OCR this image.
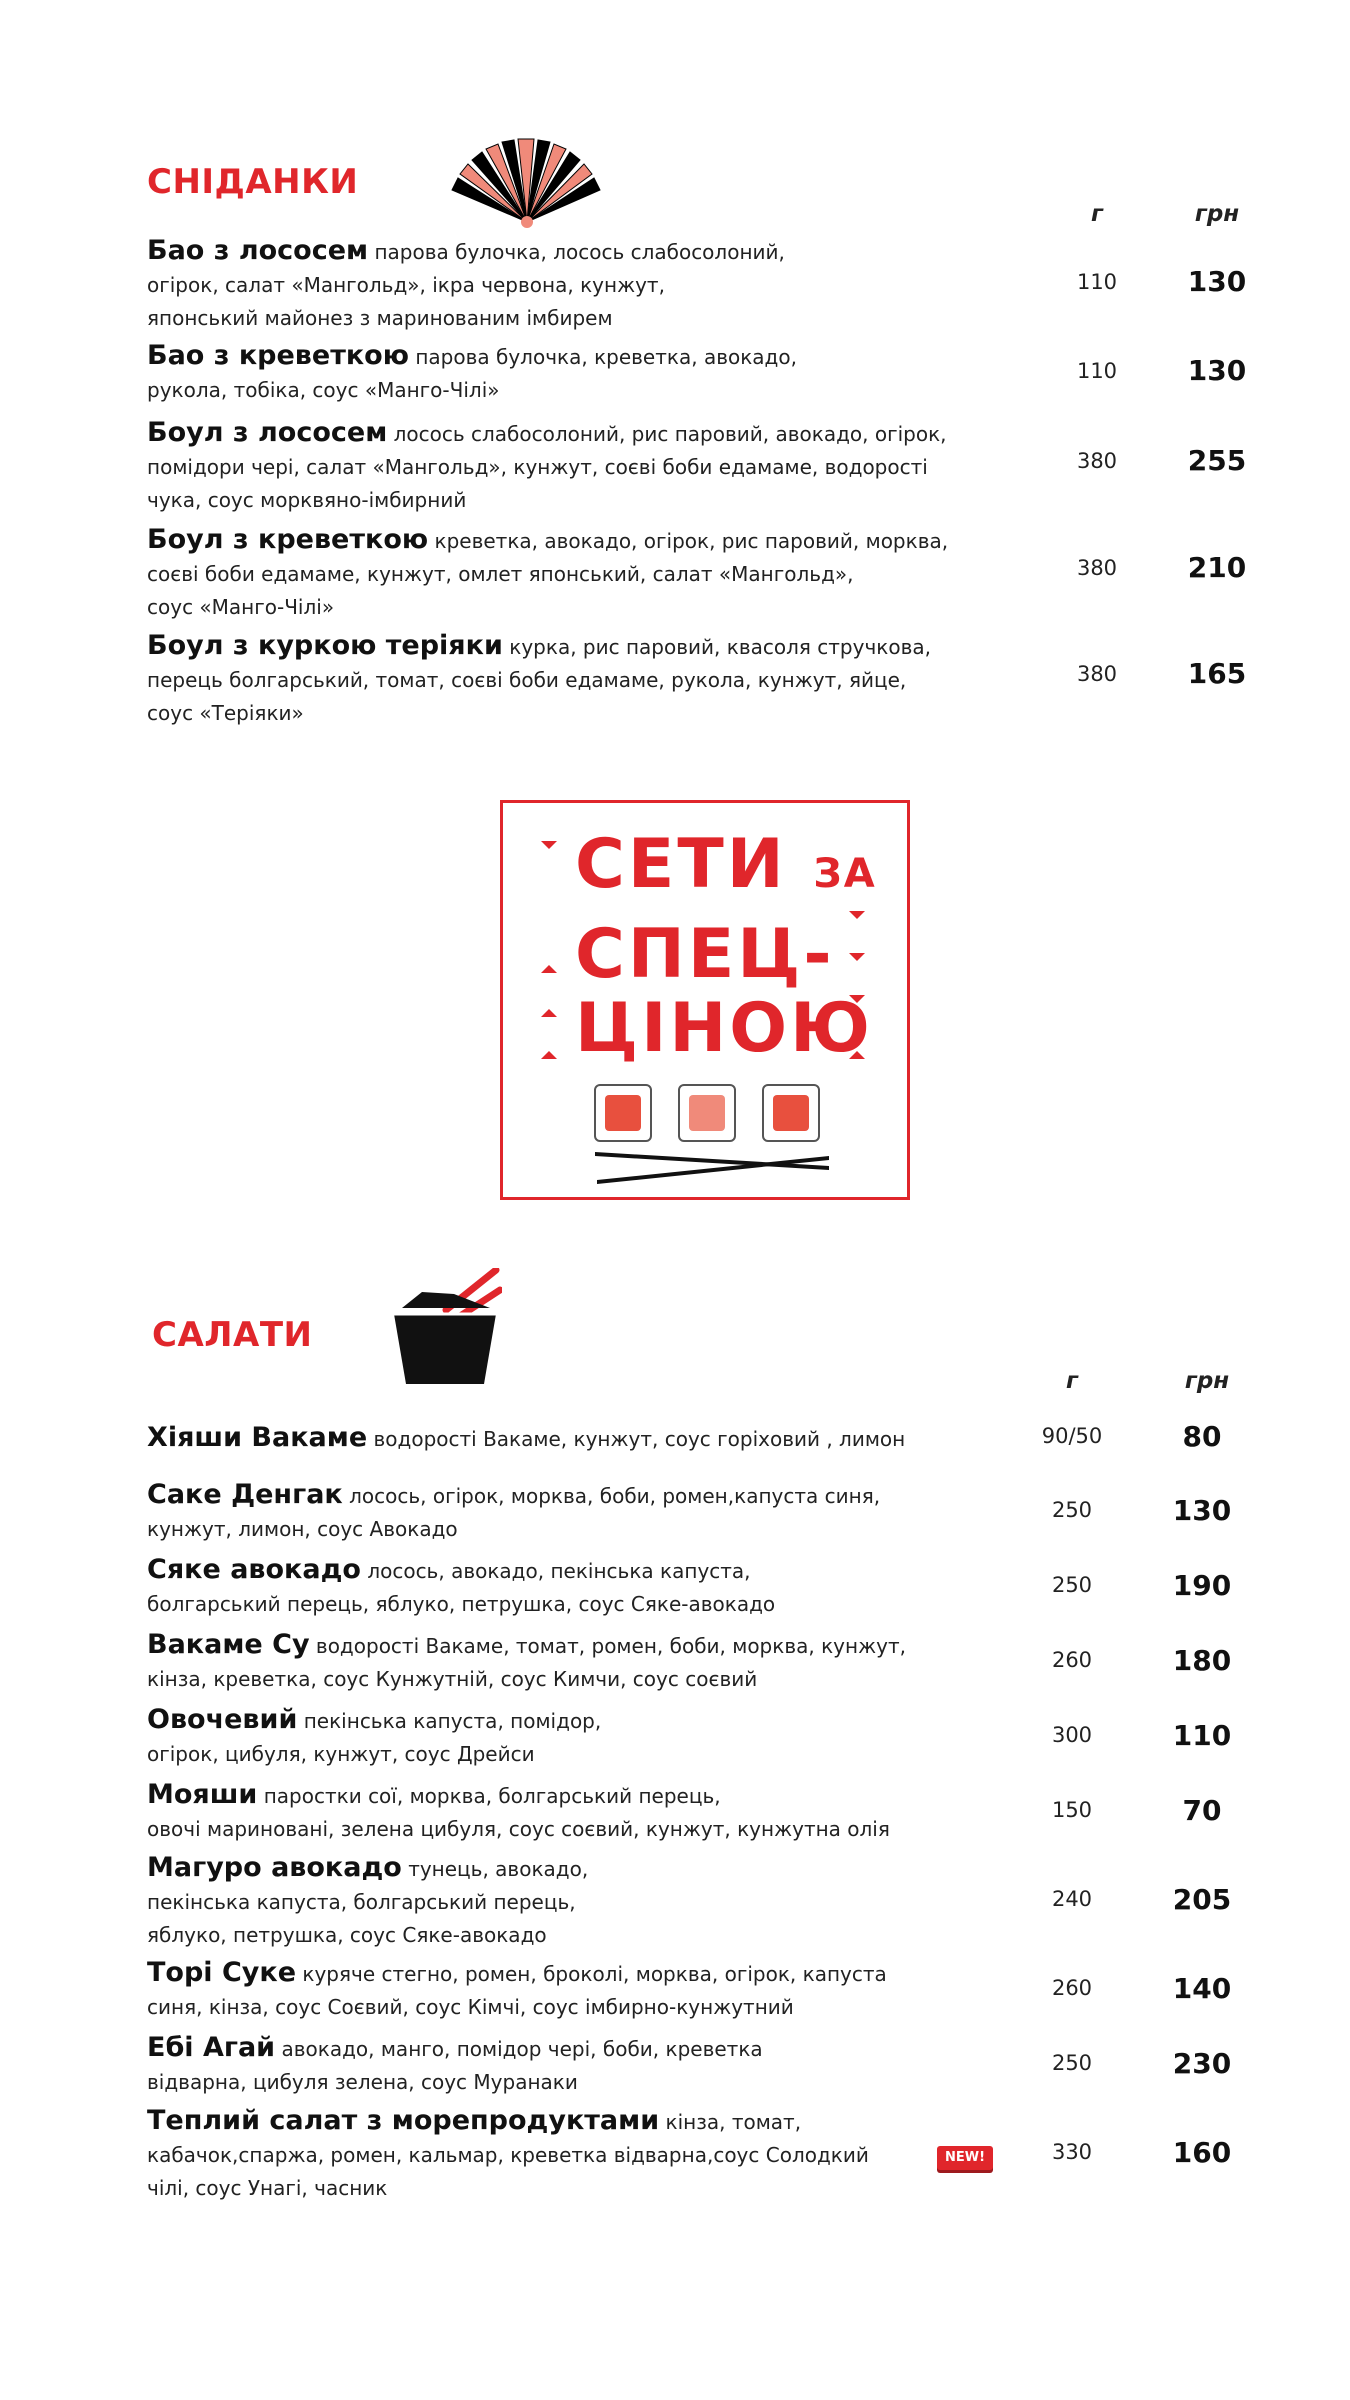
СНІДАНКИ
г	грн
Бао з лососем парова булочка, лосось слабосолоний,
огірок, салат «Мангольд», ікра червона, кунжут,
японський майонез з маринованим імбирем
110	130
Бао з креветкою парова булочка, креветка, авокадо,
рукола, тобіка, соус «Манго-Чілі»
110	130
Боул з лососем лосось слабосолоний, рис паровий, авокадо, огірок,
помідори чері, салат «Мангольд», кунжут, соєві боби едамаме, водорості
чука, соус морквяно-імбирний
380	255
Боул з креветкою креветка, авокадо, огірок, рис паровий, морква,
соєві боби едамаме, кунжут, омлет японський, салат «Мангольд»,
соус «Манго-Чілі»
380	210
Боул з куркою теріяки курка, рис паровий, квасоля стручкова,
перець болгарський, томат, соєві боби едамаме, рукола, кунжут, яйце,
соус «Теріяки»
380	165

СЕТИ ЗА

СПЕЦ-

ЦІНОЮ

САЛАТИ
г	грн
Хіяши Вакаме водорості Вакаме, кунжут, соус горіховий , лимон	90/50	80
Саке Денгак лосось, огірок, морква, боби, ромен,капуста синя,
кунжут, лимон, соус Авокадо
250	130
Сяке авокадо лосось, авокадо, пекінська капуста,
болгарський перець, яблуко, петрушка, соус Сяке-авокадо
250	190
Вакаме Су водорості Вакаме, томат, ромен, боби, морква, кунжут,
кінза, креветка, соус Кунжутній, соус Кимчи, соус соєвий
260	180
Овочевий пекінська капуста, помідор,
огірок, цибуля, кунжут, соус Дрейси
300	110
Мояши паростки сої, морква, болгарський перець,
овочі мариновані, зелена цибуля, соус соєвий, кунжут, кунжутна олія
150	70
Магуро авокадо тунець, авокадо,
пекінська капуста, болгарський перець,
яблуко, петрушка, соус Сяке-авокадо
240	205
Торі Суке куряче стегно, ромен, броколі, морква, огірок, капуста
синя, кінза, соус Соєвий, соус Кімчі, соус імбирно-кунжутний
260	140
Ебі Агай авокадо, манго, помідор чері, боби, креветка
відварна, цибуля зелена, соус Муранаки
250	230
Теплий салат з морепродуктами кінза, томат,
кабачок,спаржа, ромен, кальмар, креветка відварна,соус Солодкий
чілі, соус Унагі, часник
NEW!	330	160
